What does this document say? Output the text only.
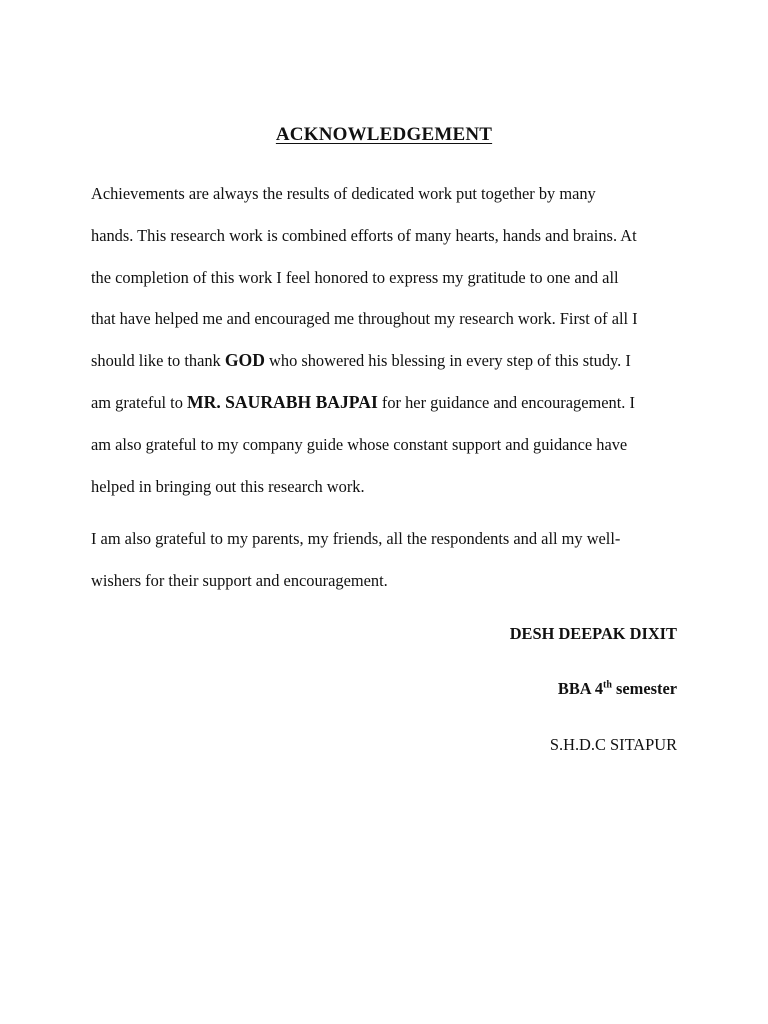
ACKNOWLEDGEMENT
Achievements are always the results of dedicated work put together by many
hands. This research work is combined efforts of many hearts, hands and brains. At
the completion of this work I feel honored to express my gratitude to one and all
that have helped me and encouraged me throughout my research work. First of all I
should like to thank GOD who showered his blessing in every step of this study. I
am grateful to MR. SAURABH BAJPAI for her guidance and encouragement. I
am also grateful to my company guide whose constant support and guidance have
helped in bringing out this research work.
I am also grateful to my parents, my friends, all the respondents and all my well-
wishers for their support and encouragement.
DESH DEEPAK DIXIT
BBA 4th semester
S.H.D.C SITAPUR
